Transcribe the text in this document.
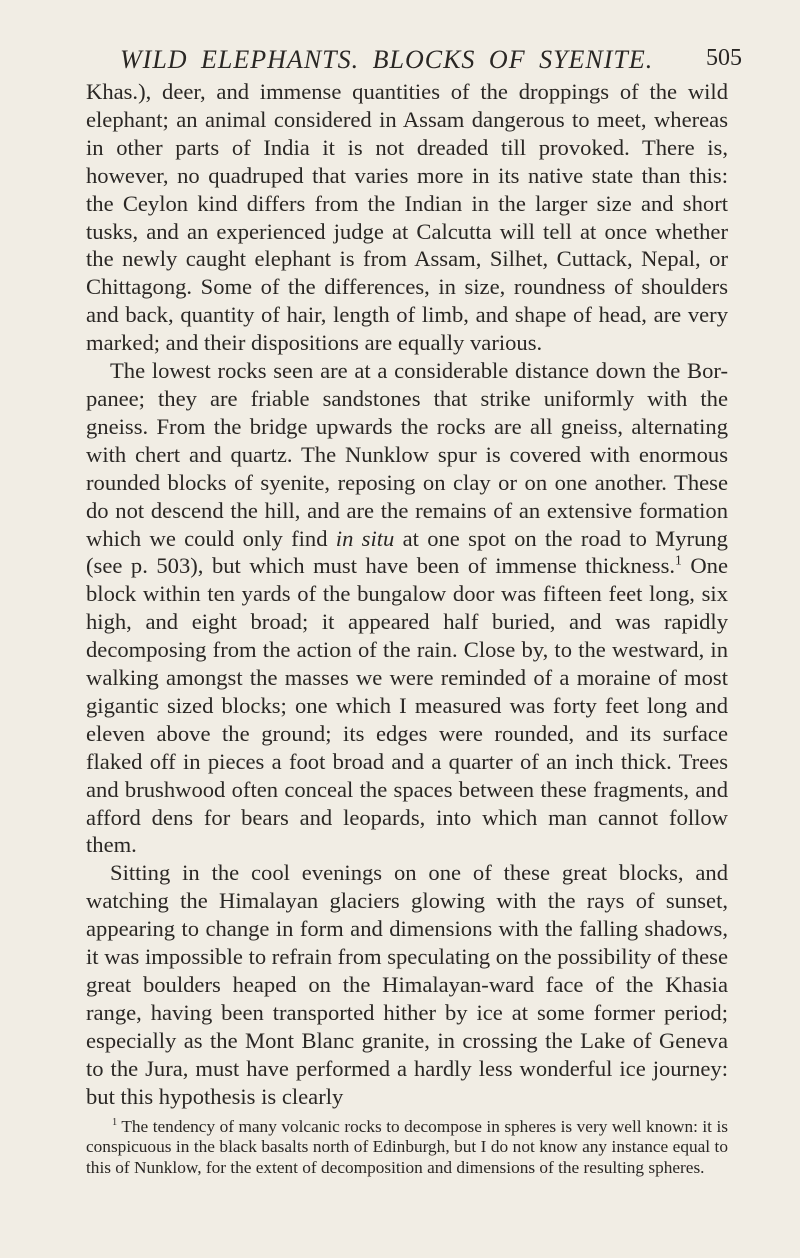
WILD ELEPHANTS. BLOCKS OF SYENITE. 505

Khas.), deer, and immense quantities of the droppings of the wild elephant; an animal considered in Assam dangerous to meet, whereas in other parts of India it is not dreaded till provoked. There is, however, no quadruped that varies more in its native state than this: the Ceylon kind differs from the Indian in the larger size and short tusks, and an experienced judge at Calcutta will tell at once whether the newly caught elephant is from Assam, Silhet, Cuttack, Nepal, or Chittagong. Some of the differences, in size, roundness of shoulders and back, quantity of hair, length of limb, and shape of head, are very marked; and their dispositions are equally various.

The lowest rocks seen are at a considerable distance down the Bor-panee; they are friable sandstones that strike uniformly with the gneiss. From the bridge upwards the rocks are all gneiss, alternating with chert and quartz. The Nunklow spur is covered with enormous rounded blocks of syenite, reposing on clay or on one another. These do not descend the hill, and are the remains of an extensive formation which we could only find in situ at one spot on the road to Myrung (see p. 503), but which must have been of immense thickness.$^1$ One block within ten yards of the bungalow door was fifteen feet long, six high, and eight broad; it appeared half buried, and was rapidly decomposing from the action of the rain. Close by, to the westward, in walking amongst the masses we were reminded of a moraine of most gigantic sized blocks; one which I measured was forty feet long and eleven above the ground; its edges were rounded, and its surface flaked off in pieces a foot broad and a quarter of an inch thick. Trees and brushwood often conceal the spaces between these fragments, and afford dens for bears and leopards, into which man cannot follow them.

Sitting in the cool evenings on one of these great blocks, and watching the Himalayan glaciers glowing with the rays of sunset, appearing to change in form and dimensions with the falling shadows, it was impossible to refrain from speculating on the possibility of these great boulders heaped on the Himalayan-ward face of the Khasia range, having been transported hither by ice at some former period; especially as the Mont Blanc granite, in crossing the Lake of Geneva to the Jura, must have performed a hardly less wonderful ice journey: but this hypothesis is clearly

$^1$ The tendency of many volcanic rocks to decompose in spheres is very well known: it is conspicuous in the black basalts north of Edinburgh, but I do not know any instance equal to this of Nunklow, for the extent of decomposition and dimensions of the resulting spheres.
